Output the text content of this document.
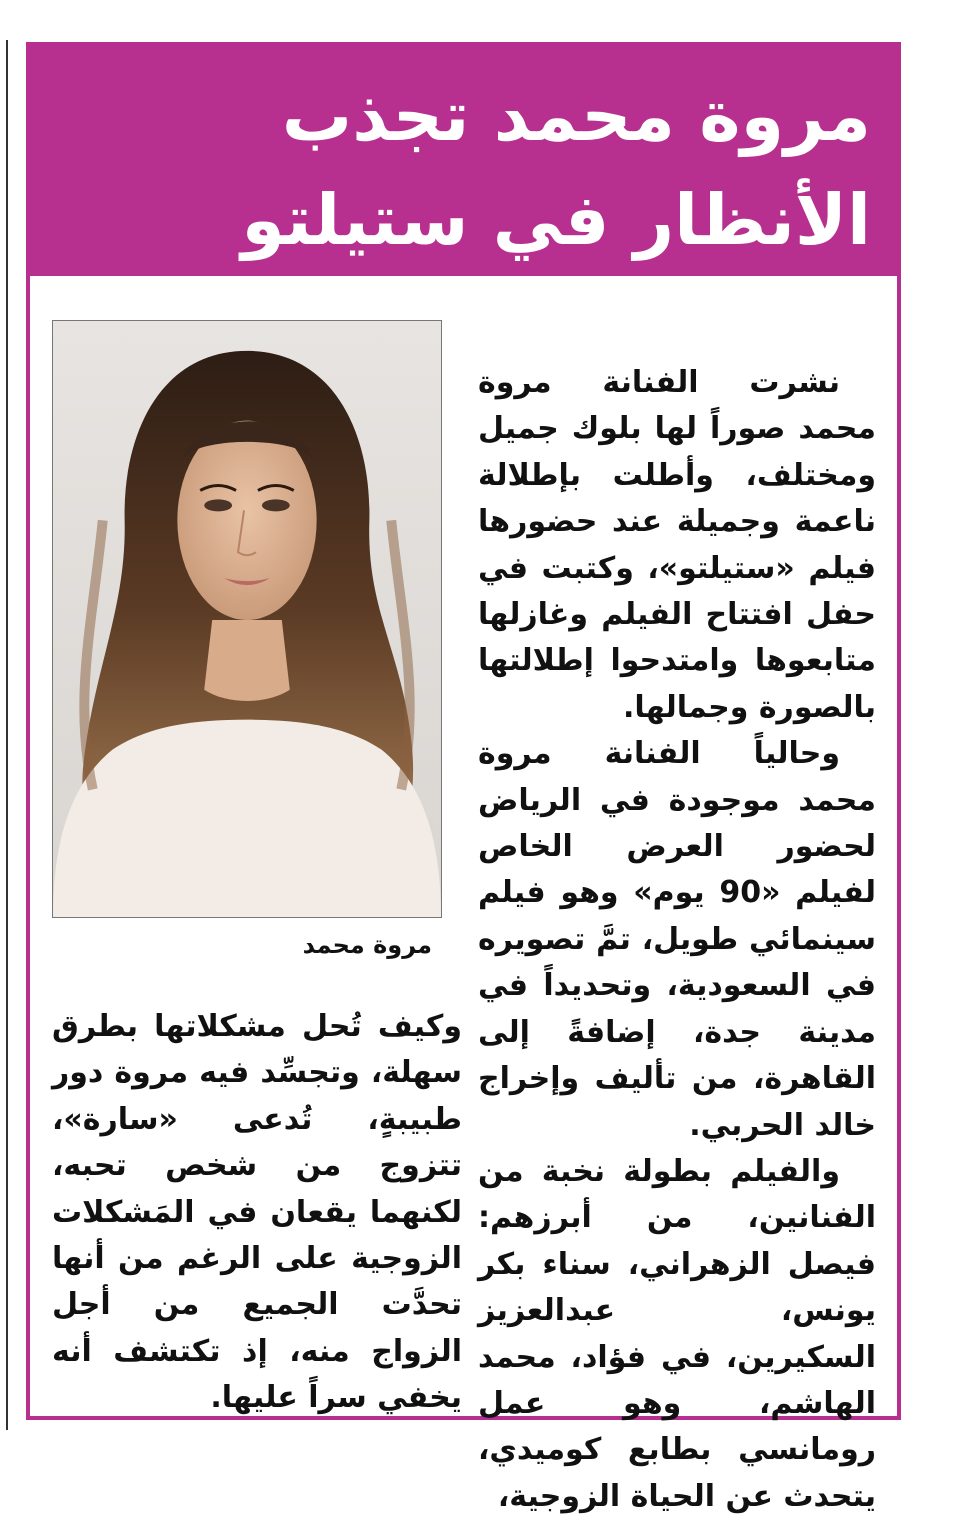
مروة محمد تجذب الأنظار في ستيلتو

نشرت الفنانة مروة محمد صوراً لها بلوك جميل ومختلف، وأطلت بإطلالة ناعمة وجميلة عند حضورها فيلم «ستيلتو»، وكتبت في حفل افتتاح الفيلم وغازلها متابعوها وامتدحوا إطلالتها بالصورة وجمالها.

وحالياً الفنانة مروة محمد موجودة في الرياض لحضور العرض الخاص لفيلم «90 يوم» وهو فيلم سينمائي طويل، تمَّ تصويره في السعودية، وتحديداً في مدينة جدة، إضافةً إلى القاهرة، من تأليف وإخراج خالد الحربي.

والفيلم بطولة نخبة من الفنانين، من أبرزهم: فيصل الزهراني، سناء بكر يونس، عبدالعزيز السكيرين، في فؤاد، محمد الهاشم، وهو عمل رومانسي بطابع كوميدي، يتحدث عن الحياة الزوجية،

مروة محمد

وكيف تُحل مشكلاتها بطرق سهلة، وتجسِّد فيه مروة دور طبيبةٍ، تُدعى «سارة»، تتزوج من شخص تحبه، لكنهما يقعان في المَشكلات الزوجية على الرغم من أنها تحدَّت الجميع من أجل الزواج منه، إذ تكتشف أنه يخفي سراً عليها.
